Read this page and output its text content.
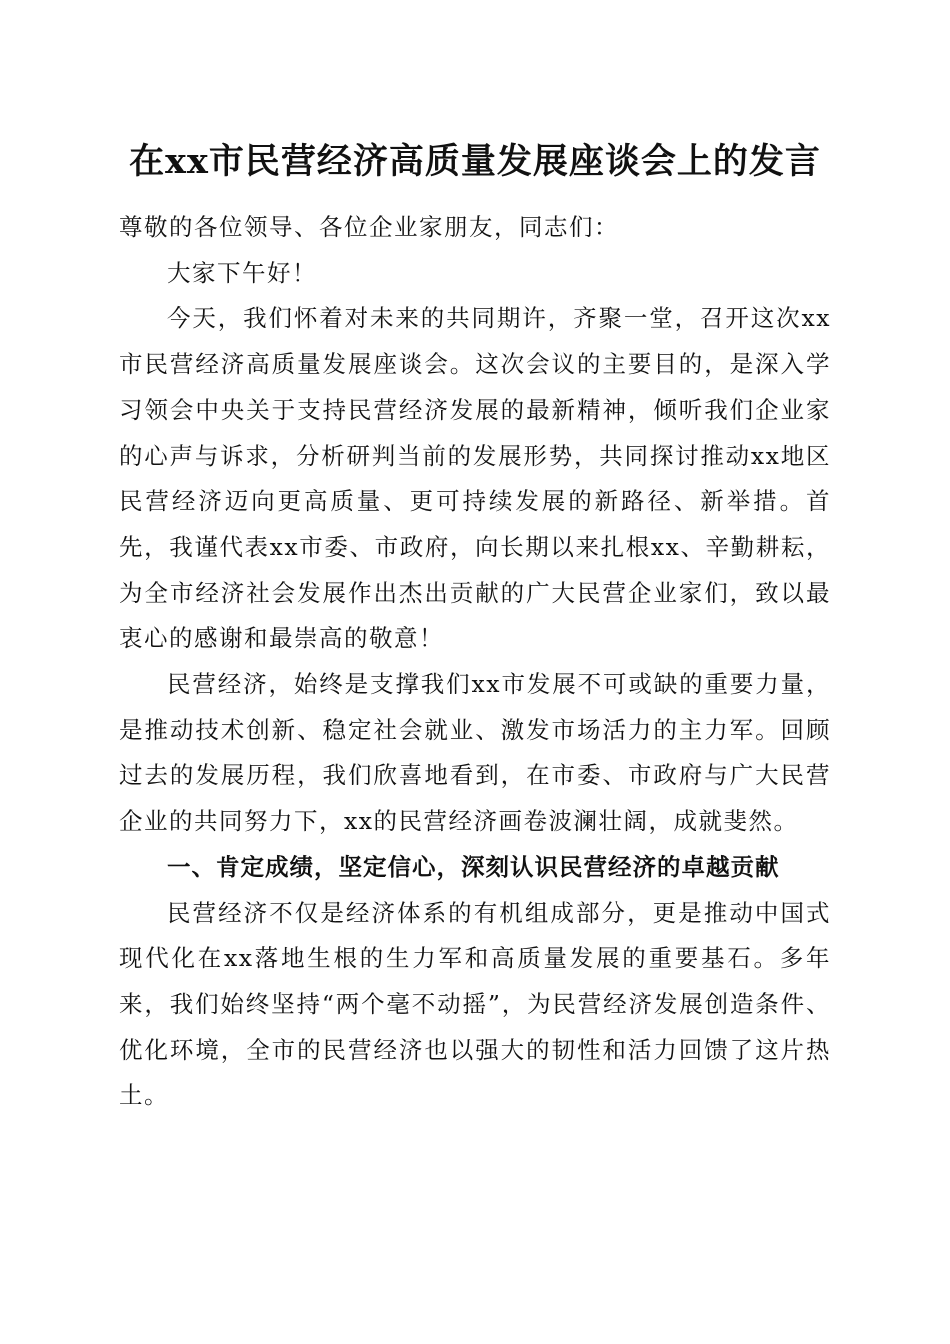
在xx市民营经济高质量发展座谈会上的发言

尊敬的各位领导、各位企业家朋友，同志们：

大家下午好！

今天，我们怀着对未来的共同期许，齐聚一堂，召开这次xx市民营经济高质量发展座谈会。这次会议的主要目的，是深入学习领会中央关于支持民营经济发展的最新精神，倾听我们企业家的心声与诉求，分析研判当前的发展形势，共同探讨推动xx地区民营经济迈向更高质量、更可持续发展的新路径、新举措。首先，我谨代表xx市委、市政府，向长期以来扎根xx、辛勤耕耘，为全市经济社会发展作出杰出贡献的广大民营企业家们，致以最衷心的感谢和最崇高的敬意！

民营经济，始终是支撑我们xx市发展不可或缺的重要力量，是推动技术创新、稳定社会就业、激发市场活力的主力军。回顾过去的发展历程，我们欣喜地看到，在市委、市政府与广大民营企业的共同努力下，xx的民营经济画卷波澜壮阔，成就斐然。

一、肯定成绩，坚定信心，深刻认识民营经济的卓越贡献

民营经济不仅是经济体系的有机组成部分，更是推动中国式现代化在xx落地生根的生力军和高质量发展的重要基石。多年来，我们始终坚持“两个毫不动摇”，为民营经济发展创造条件、优化环境，全市的民营经济也以强大的韧性和活力回馈了这片热土。
